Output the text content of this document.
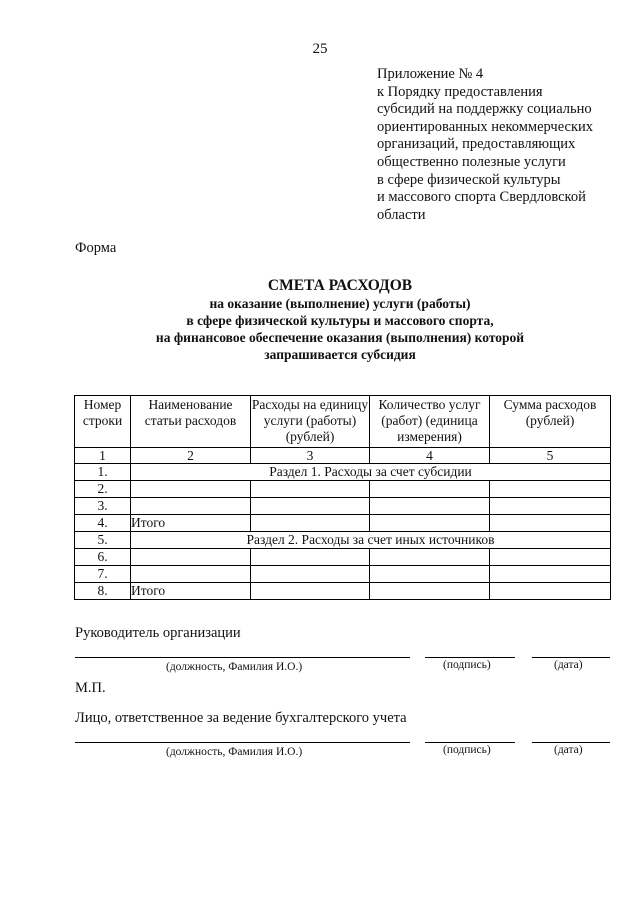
25
Приложение № 4
к Порядку предоставления
субсидий на поддержку социально
ориентированных некоммерческих
организаций, предоставляющих
общественно полезные услуги
в сфере физической культуры
и массового спорта Свердловской
области
Форма
СМЕТА РАСХОДОВ
на оказание (выполнение) услуги (работы)
в сфере физической культуры и массового спорта,
на финансовое обеспечение оказания (выполнения) которой
запрашивается субсидия
Номер строки	Наименование статьи расходов	Расходы на единицу услуги (работы) (рублей)	Количество услуг (работ) (единица измерения)	Сумма расходов (рублей)
1	2	3	4	5
1.	Раздел 1. Расходы за счет субсидии			
2.				
3.				
4.	Итого			
5.	Раздел 2. Расходы за счет иных источников			
6.				
7.				
8.	Итого			
Руководитель организации
(должность, Фамилия И.О.)	(подпись)	(дата)
М.П.
Лицо, ответственное за ведение бухгалтерского учета
(должность, Фамилия И.О.)	(подпись)	(дата)
